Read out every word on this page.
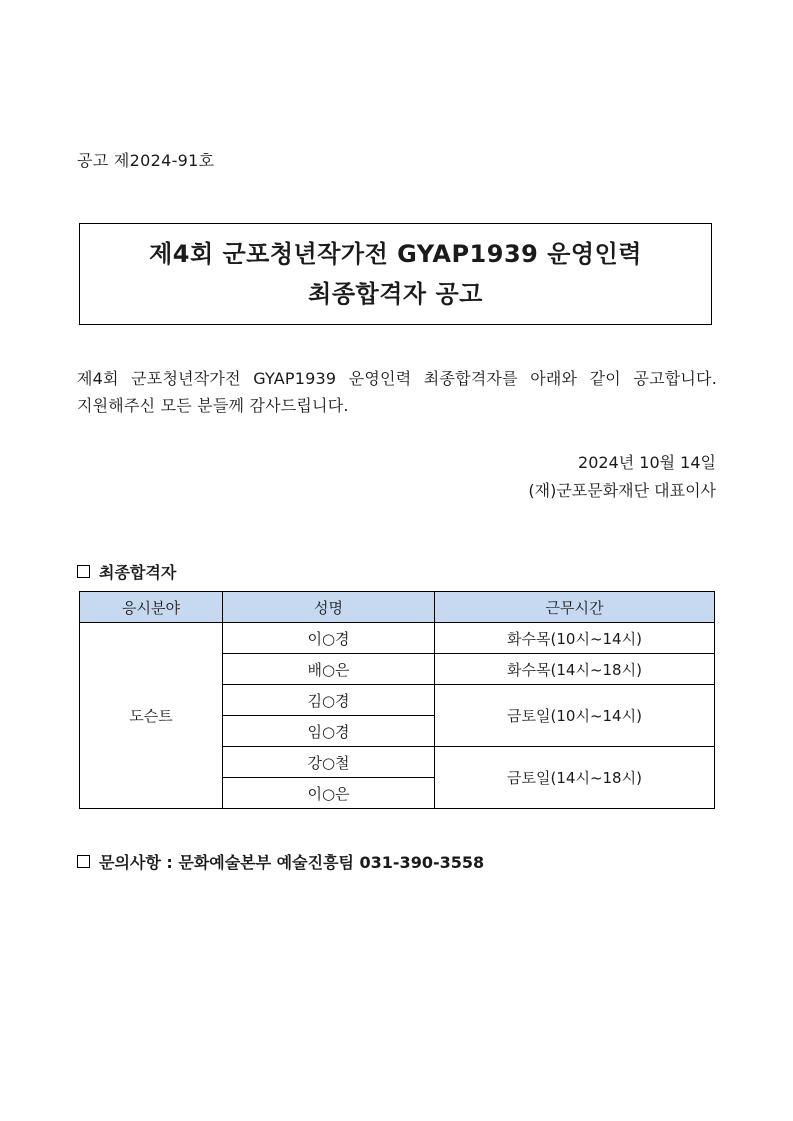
공고 제2024-91호
제4회 군포청년작가전 GYAP1939 운영인력
최종합격자 공고
제4회 군포청년작가전 GYAP1939 운영인력 최종합격자를 아래와 같이 공고합니다. 지원해주신 모든 분들께 감사드립니다.
2024년 10월 14일
(재)군포문화재단 대표이사
최종합격자
응시분야	성명	근무시간
도슨트	이○경	화수목(10시~14시)
	배○은	화수목(14시~18시)
	김○경	금토일(10시~14시)
	임○경	
	강○철	금토일(14시~18시)
	이○은	
문의사항 : 문화예술본부 예술진흥팀 031-390-3558
